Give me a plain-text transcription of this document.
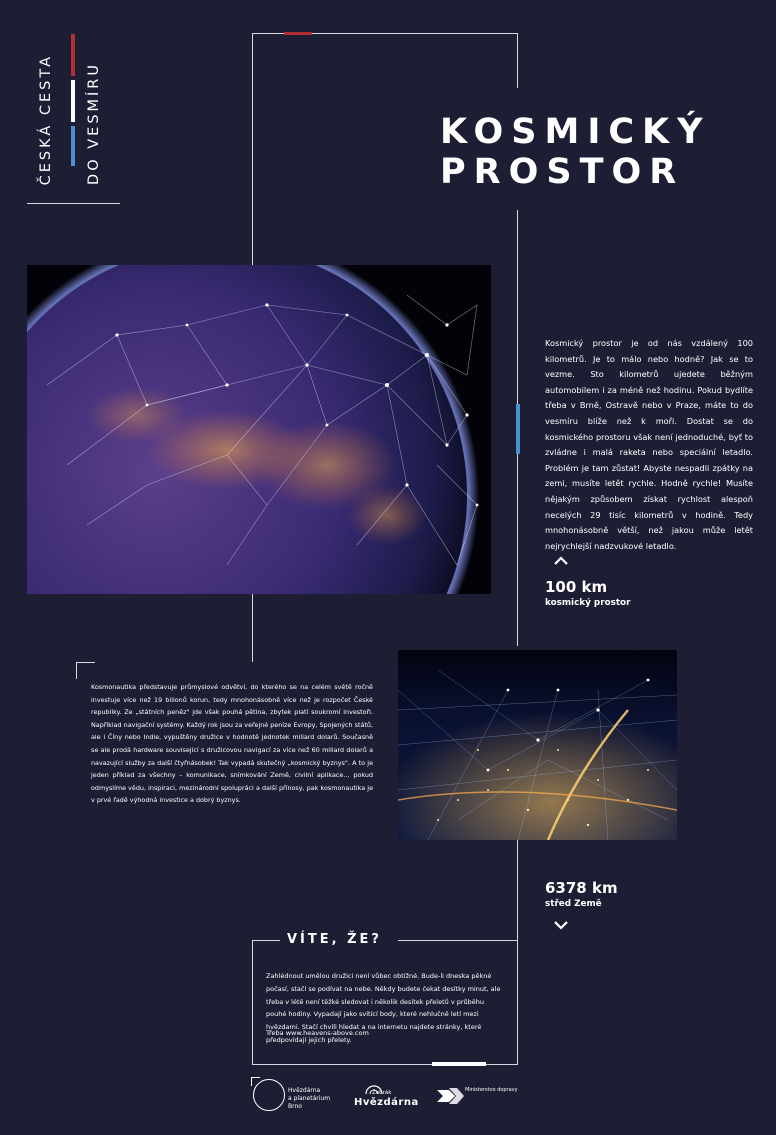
ČESKÁ CESTA DO VESMÍRU	KOSMICKÝ
PROSTOR
Kosmický prostor je od nás vzdálený 100 kilometrů. Je to málo nebo hodně? Jak se to vezme. Sto kilometrů ujedete běžným automobilem i za méně než hodinu. Pokud bydlíte třeba v Brně, Ostravě nebo v Praze, máte to do vesmíru blíže než k moři. Dostat se do kosmického prostoru však není jednoduché, byť to zvládne i malá raketa nebo speciální letadlo. Problém je tam zůstat! Abyste nespadli zpátky na zemi, musíte letět rychle. Hodně rychle! Musíte nějakým způsobem získat rychlost alespoň necelých 29 tisíc kilometrů v hodině. Tedy mnohonásobně větší, než jakou může letět nejrychlejší nadzvukové letadlo.
100 km
kosmický prostor
Kosmonautika představuje průmyslové odvětví, do kterého se na celém světě ročně investuje více než 19 bilionů korun, tedy mnohonásobně více než je rozpočet České republiky. Ze „státních peněz" jde však pouhá pětina, zbytek platí soukromí investoři. Například navigační systémy. Každý rok jsou za veřejné peníze Evropy, Spojených států, ale i Číny nebo Indie, vypuštěny družice v hodnotě jednotek miliard dolarů. Současně se ale prodá hardware související s družicovou navigací za více než 60 miliard dolarů a navazující služby za další čtyřnásobek! Tak vypadá skutečný „kosmický byznys". A to je jeden příklad za všechny – komunikace, snímkování Země, civilní aplikace… pokud odmyslíme vědu, inspiraci, mezinárodní spolupráci a další přínosy, pak kosmonautika je v prvé řadě výhodná investice a dobrý byznys.
6378 km
střed Země
VÍTE, ŽE?
Zahlédnout umělou družici není vůbec obtížné. Bude-li dneska pěkné počasí, stačí se podívat na nebe. Někdy budete čekat desítky minut, ale třeba v létě není těžké sledovat i několik desítek přeletů v průběhu pouhé hodiny. Vypadají jako svítící body, které nehlučně letí mezi hvězdami. Stačí chvíli hledat a na internetu najdete stránky, které předpovídají jejich přelety.
Třeba www.heavens-above.com
Hvězdárna
a planetárium
Brno
Žebrák
Hvězdárna
Ministerstvo dopravy
